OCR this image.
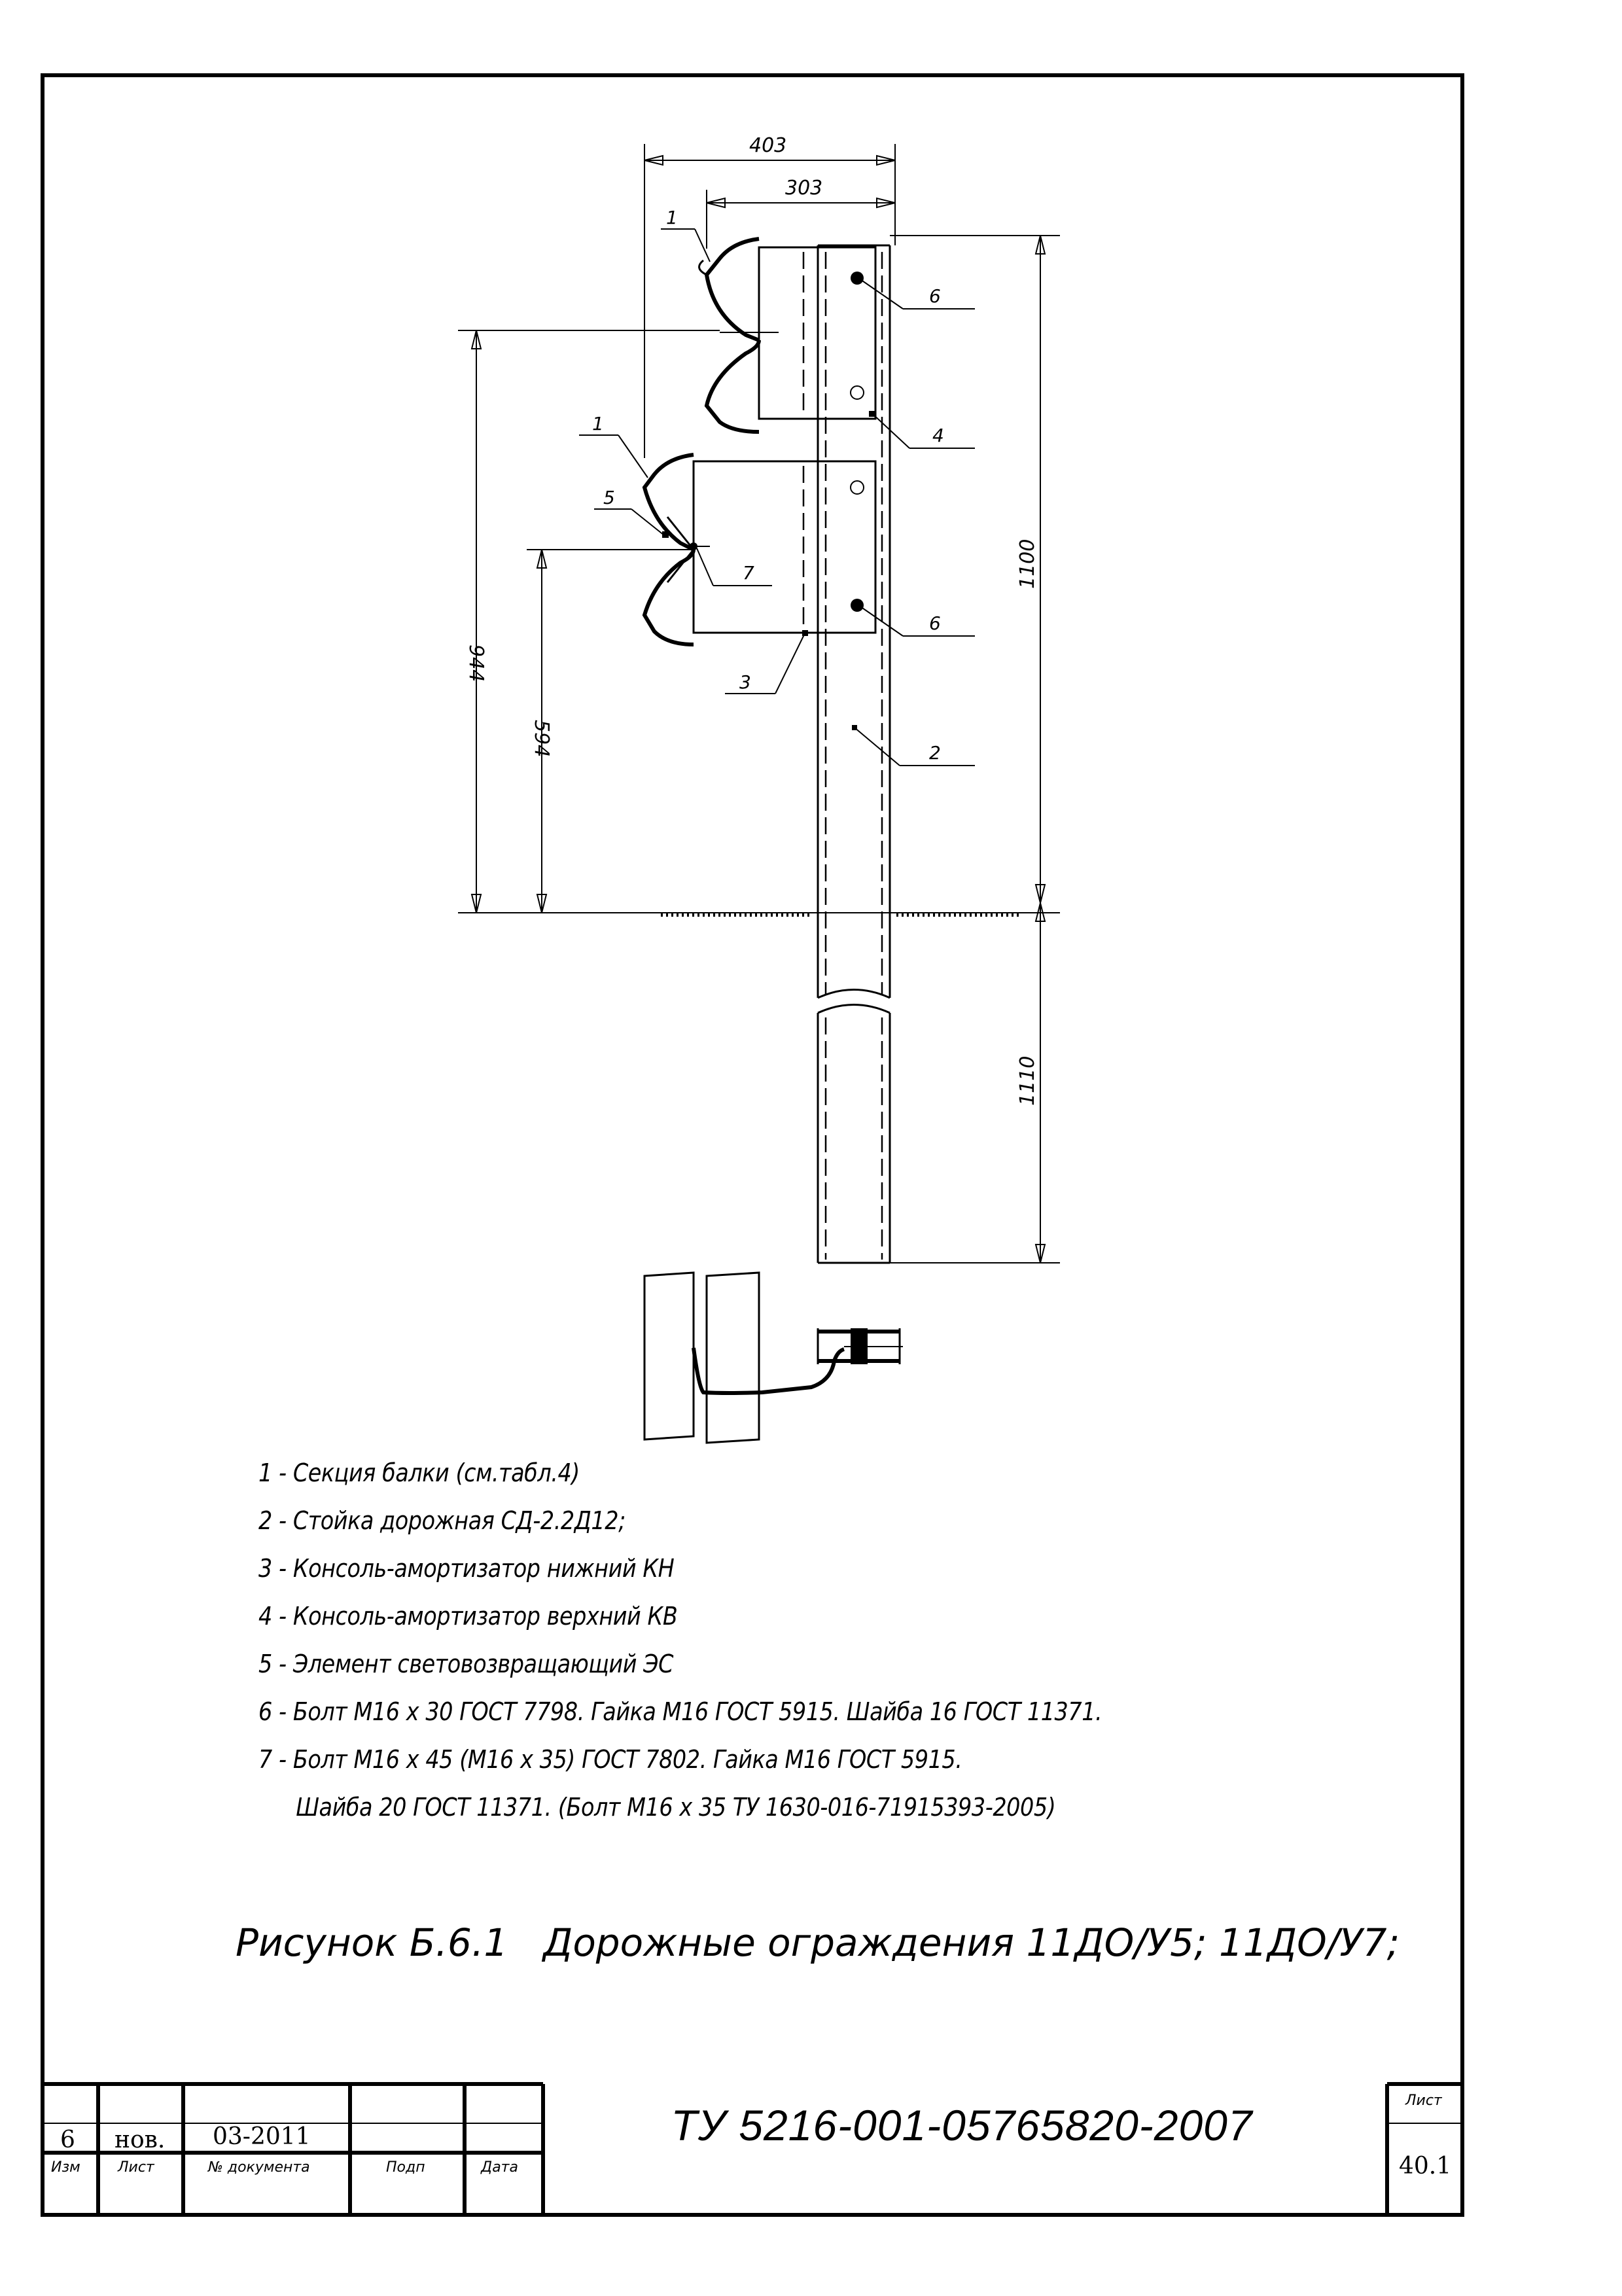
403
303
1100
1110
944
594
1
1
5
7
3
6
4
6
2
1 - Секция балки (см.табл.4)
2 - Стойка дорожная СД-2.2Д12;
3 - Консоль-амортизатор нижний КН
4 - Консоль-амортизатор верхний КВ
5 - Элемент световозвращающий ЭС
6 - Болт М16 х 30 ГОСТ 7798. Гайка М16 ГОСТ 5915. Шайба 16 ГОСТ 11371.
7 - Болт М16 х 45 (М16 х 35) ГОСТ 7802. Гайка М16 ГОСТ 5915.
Шайба 20 ГОСТ 11371. (Болт М16 х 35 ТУ 1630-016-71915393-2005)
Рисунок Б.6.1 Дорожные ограждения 11ДО/У5; 11ДО/У7;
6 нов. 03-2011
Изм	Лист	№ документа	Подп	Дата
ТУ 5216-001-05765820-2007
Лист
40.1
